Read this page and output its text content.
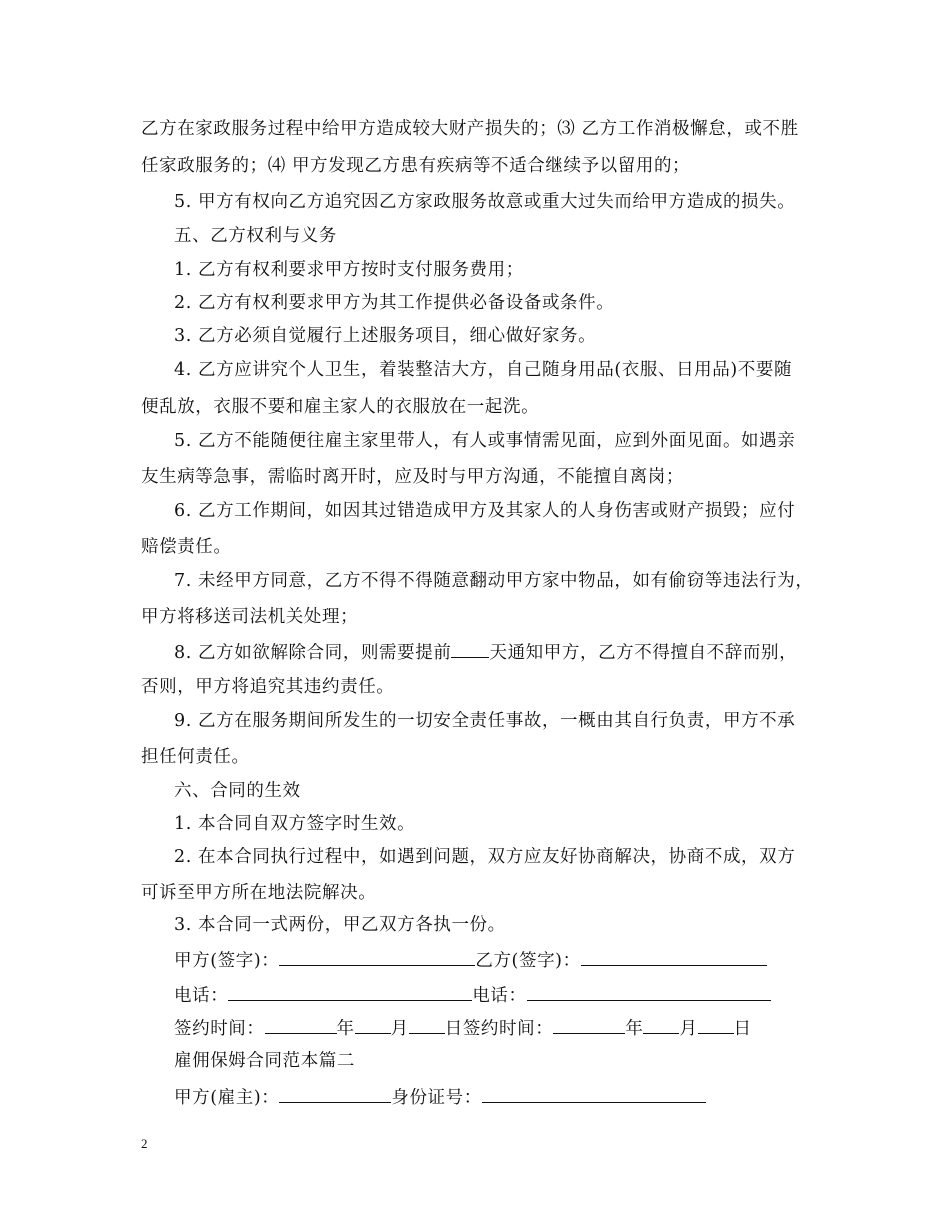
乙方在家政服务过程中给甲方造成较大财产损失的；⑶ 乙方工作消极懈怠，或不胜
任家政服务的；⑷ 甲方发现乙方患有疾病等不适合继续予以留用的；
5. 甲方有权向乙方追究因乙方家政服务故意或重大过失而给甲方造成的损失。
五、乙方权利与义务
1. 乙方有权利要求甲方按时支付服务费用；
2. 乙方有权利要求甲方为其工作提供必备设备或条件。
3. 乙方必须自觉履行上述服务项目，细心做好家务。
4. 乙方应讲究个人卫生，着装整洁大方，自己随身用品(衣服、日用品)不要随
便乱放，衣服不要和雇主家人的衣服放在一起洗。
5. 乙方不能随便往雇主家里带人，有人或事情需见面，应到外面见面。如遇亲
友生病等急事，需临时离开时，应及时与甲方沟通，不能擅自离岗；
6. 乙方工作期间，如因其过错造成甲方及其家人的人身伤害或财产损毁；应付
赔偿责任。
7. 未经甲方同意，乙方不得不得随意翻动甲方家中物品，如有偷窃等违法行为，
甲方将移送司法机关处理；
8. 乙方如欲解除合同，则需要提前 天通知甲方，乙方不得擅自不辞而别，
否则，甲方将追究其违约责任。
9. 乙方在服务期间所发生的一切安全责任事故，一概由其自行负责，甲方不承
担任何责任。
六、合同的生效
1. 本合同自双方签字时生效。
2. 在本合同执行过程中，如遇到问题，双方应友好协商解决，协商不成，双方
可诉至甲方所在地法院解决。
3. 本合同一式两份，甲乙双方各执一份。
甲方(签字)：	乙方(签字)：
电话：	电话：
签约时间：	年 月 日签约时间：	年 月 日
雇佣保姆合同范本篇二
甲方(雇主)：	身份证号：
2
